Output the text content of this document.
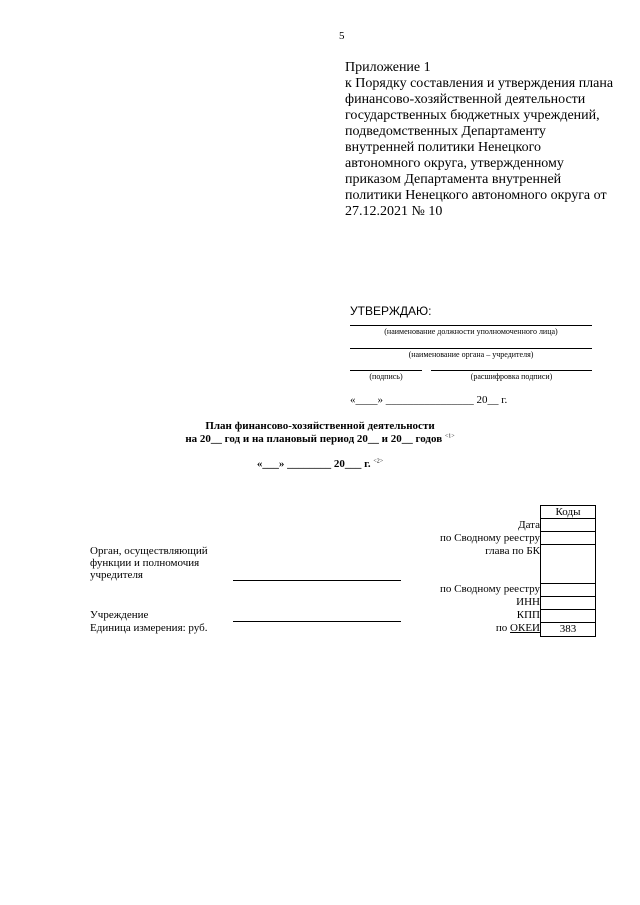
5
Приложение 1
к Порядку составления и утверждения плана финансово-хозяйственной деятельности государственных бюджетных учреждений, подведомственных Департаменту внутренней политики Ненецкого автономного округа, утвержденному приказом Департамента внутренней политики Ненецкого автономного округа от 27.12.2021 № 10
УТВЕРЖДАЮ:
(наименование должности уполномоченного лица)
(наименование органа – учредителя)
(подпись)	(расшифровка подписи)
«____» ________________ 20__ г.
План финансово-хозяйственной деятельности
на 20__ год и на плановый период 20__ и 20__ годов $^{<1>}$
«___» ________ 20___ г. $^{<2>}$
Орган, осуществляющий функции и полномочия учредителя
Учреждение
Единица измерения: руб.
Дата
по Сводному реестру
глава по БК
по Сводному реестру
ИНН
КПП
по ОКЕИ
Коды
383
